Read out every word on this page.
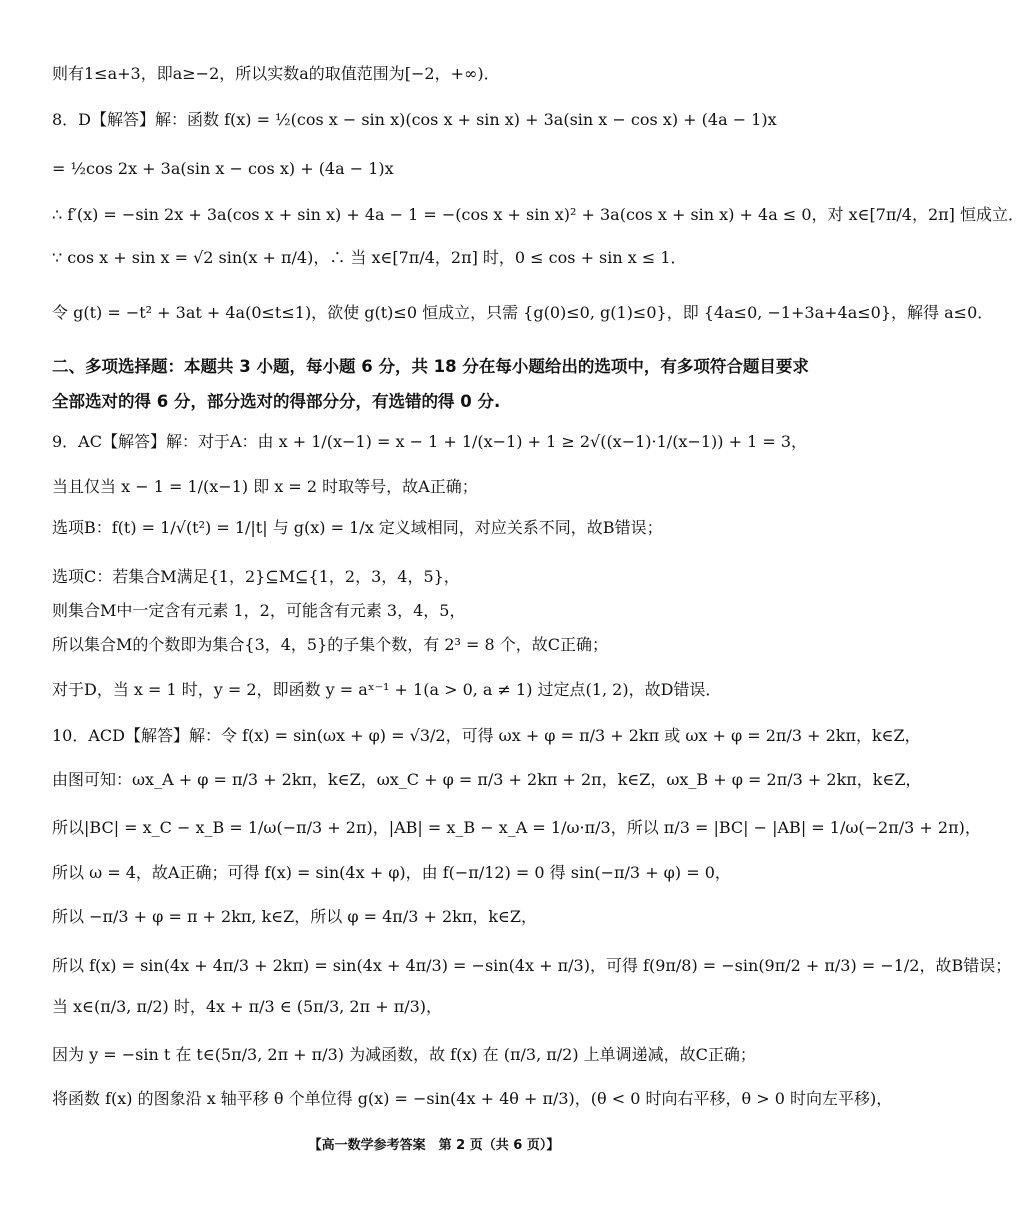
则有1≤a+3，即a≥−2，所以实数a的取值范围为[−2，+∞)．
8．D【解答】解：函数 f(x) = ½(cos x − sin x)(cos x + sin x) + 3a(sin x − cos x) + (4a − 1)x
= ½cos 2x + 3a(sin x − cos x) + (4a − 1)x
∴ f′(x) = −sin 2x + 3a(cos x + sin x) + 4a − 1 = −(cos x + sin x)² + 3a(cos x + sin x) + 4a ≤ 0，对 x∈[7π/4，2π] 恒成立．
∵ cos x + sin x = √2 sin(x + π/4)，∴ 当 x∈[7π/4，2π] 时，0 ≤ cos + sin x ≤ 1．
令 g(t) = −t² + 3at + 4a(0≤t≤1)，欲使 g(t)≤0 恒成立，只需 {g(0)≤0, g(1)≤0}，即 {4a≤0, −1+3a+4a≤0}，解得 a≤0．
二、多项选择题：本题共 3 小题，每小题 6 分，共 18 分在每小题给出的选项中，有多项符合题目要求
全部选对的得 6 分，部分选对的得部分分，有选错的得 0 分.
9．AC【解答】解：对于A：由 x + 1/(x−1) = x − 1 + 1/(x−1) + 1 ≥ 2√((x−1)·1/(x−1)) + 1 = 3，
当且仅当 x − 1 = 1/(x−1) 即 x = 2 时取等号，故A正确；
选项B：f(t) = 1/√(t²) = 1/|t| 与 g(x) = 1/x 定义域相同，对应关系不同，故B错误；
选项C：若集合M满足{1，2}⊆M⊆{1，2，3，4，5}，
则集合M中一定含有元素 1，2，可能含有元素 3，4，5，
所以集合M的个数即为集合{3，4，5}的子集个数，有 2³ = 8 个，故C正确；
对于D，当 x = 1 时，y = 2，即函数 y = aˣ⁻¹ + 1(a > 0, a ≠ 1) 过定点(1, 2)，故D错误．
10．ACD【解答】解：令 f(x) = sin(ωx + φ) = √3/2，可得 ωx + φ = π/3 + 2kπ 或 ωx + φ = 2π/3 + 2kπ，k∈Z，
由图可知：ωx_A + φ = π/3 + 2kπ，k∈Z，ωx_C + φ = π/3 + 2kπ + 2π，k∈Z，ωx_B + φ = 2π/3 + 2kπ，k∈Z，
所以|BC| = x_C − x_B = 1/ω(−π/3 + 2π)，|AB| = x_B − x_A = 1/ω·π/3，所以 π/3 = |BC| − |AB| = 1/ω(−2π/3 + 2π)，
所以 ω = 4，故A正确；可得 f(x) = sin(4x + φ)，由 f(−π/12) = 0 得 sin(−π/3 + φ) = 0，
所以 −π/3 + φ = π + 2kπ, k∈Z，所以 φ = 4π/3 + 2kπ，k∈Z，
所以 f(x) = sin(4x + 4π/3 + 2kπ) = sin(4x + 4π/3) = −sin(4x + π/3)，可得 f(9π/8) = −sin(9π/2 + π/3) = −1/2，故B错误；
当 x∈(π/3, π/2) 时，4x + π/3 ∈ (5π/3, 2π + π/3)，
因为 y = −sin t 在 t∈(5π/3, 2π + π/3) 为减函数，故 f(x) 在 (π/3, π/2) 上单调递减，故C正确；
将函数 f(x) 的图象沿 x 轴平移 θ 个单位得 g(x) = −sin(4x + 4θ + π/3)，(θ < 0 时向右平移，θ > 0 时向左平移)，
【高一数学参考答案　第 2 页（共 6 页）】
